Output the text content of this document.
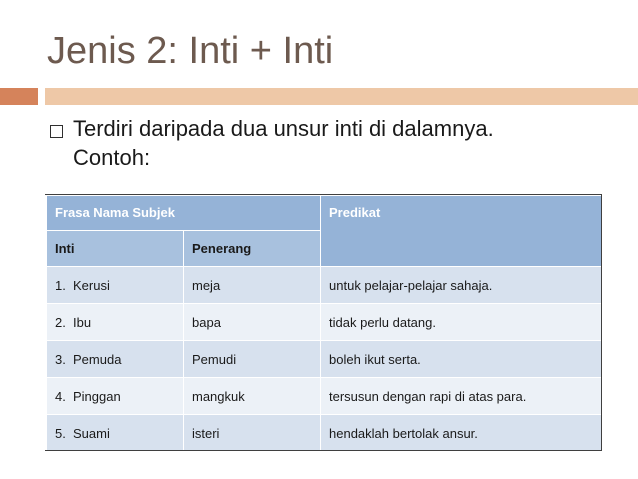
Jenis 2: Inti + Inti
Terdiri daripada dua unsur inti di dalamnya.
Contoh:
Frasa Nama Subjek		Predikat
Inti	Penerang	
1. Kerusi	meja	untuk pelajar-pelajar sahaja.
2. Ibu	bapa	tidak perlu datang.
3. Pemuda	Pemudi	boleh ikut serta.
4. Pinggan	mangkuk	tersusun dengan rapi di atas para.
5. Suami	isteri	hendaklah bertolak ansur.
